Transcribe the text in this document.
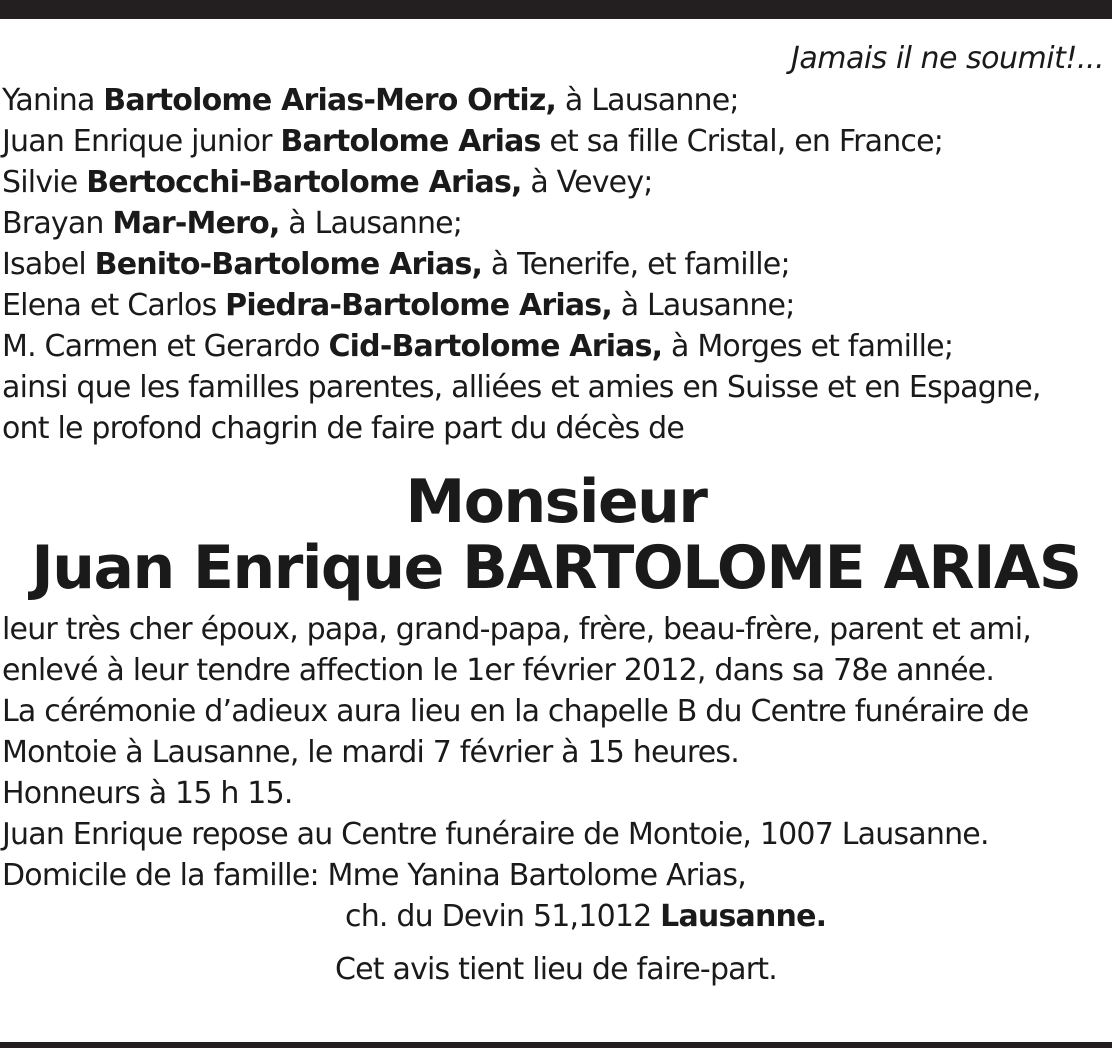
Jamais il ne soumit!...
Yanina Bartolome Arias-Mero Ortiz, à Lausanne;
Juan Enrique junior Bartolome Arias et sa fille Cristal, en France;
Silvie Bertocchi-Bartolome Arias, à Vevey;
Brayan Mar-Mero, à Lausanne;
Isabel Benito-Bartolome Arias, à Tenerife, et famille;
Elena et Carlos Piedra-Bartolome Arias, à Lausanne;
M. Carmen et Gerardo Cid-Bartolome Arias, à Morges et famille;
ainsi que les familles parentes, alliées et amies en Suisse et en Espagne,
ont le profond chagrin de faire part du décès de
Monsieur
Juan Enrique BARTOLOME ARIAS
leur très cher époux, papa, grand-papa, frère, beau-frère, parent et ami,
enlevé à leur tendre affection le 1er février 2012, dans sa 78e année.
La cérémonie d’adieux aura lieu en la chapelle B du Centre funéraire de
Montoie à Lausanne, le mardi 7 février à 15 heures.
Honneurs à 15 h 15.
Juan Enrique repose au Centre funéraire de Montoie, 1007 Lausanne.
Domicile de la famille: Mme Yanina Bartolome Arias,
ch. du Devin 51,1012 Lausanne.
Cet avis tient lieu de faire-part.
